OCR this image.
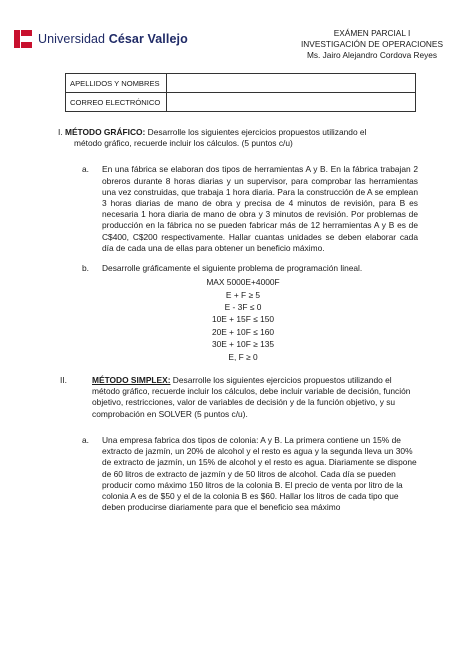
Universidad César Vallejo	EXÁMEN PARCIAL I
INVESTIGACIÓN DE OPERACIONES
Ms. Jairo Alejandro Cordova Reyes
APELLIDOS Y NOMBRES	
CORREO ELECTRÓNICO	
I. MÉTODO GRÁFICO: Desarrolle los siguientes ejercicios propuestos utilizando el
método gráfico, recuerde incluir los cálculos. (5 puntos c/u)
a.	En una fábrica se elaboran dos tipos de herramientas A y B. En la fábrica trabajan 2 obreros durante 8 horas diarias y un supervisor, para comprobar las herramientas una vez construidas, que trabaja 1 hora diaria. Para la construcción de A se emplean 3 horas diarias de mano de obra y precisa de 4 minutos de revisión, para B es necesaria 1 hora diaria de mano de obra y 3 minutos de revisión. Por problemas de producción en la fábrica no se pueden fabricar más de 12 herramientas A y B es de C$400, C$200 respectivamente. Hallar cuantas unidades se deben elaborar cada día de cada una de ellas para obtener un beneficio máximo.
b.	Desarrolle gráficamente el siguiente problema de programación lineal.
MAX 5000E+4000F
E + F ≥ 5
E - 3F ≤ 0
10E + 15F ≤ 150
20E + 10F ≤ 160
30E + 10F ≥ 135
E, F ≥ 0
II.	MÉTODO SIMPLEX: Desarrolle los siguientes ejercicios propuestos utilizando el método gráfico, recuerde incluir los cálculos, debe incluir variable de decisión, función objetivo, restricciones, valor de variables de decisión y de la función objetivo, y su comprobación en SOLVER (5 puntos c/u).
a.	Una empresa fabrica dos tipos de colonia: A y B. La primera contiene un 15% de extracto de jazmín, un 20% de alcohol y el resto es agua y la segunda lleva un 30% de extracto de jazmín, un 15% de alcohol y el resto es agua. Diariamente se dispone de 60 litros de extracto de jazmín y de 50 litros de alcohol. Cada día se pueden producir como máximo 150 litros de la colonia B. El precio de venta por litro de la colonia A es de $50 y el de la colonia B es $60. Hallar los litros de cada tipo que deben producirse diariamente para que el beneficio sea máximo
